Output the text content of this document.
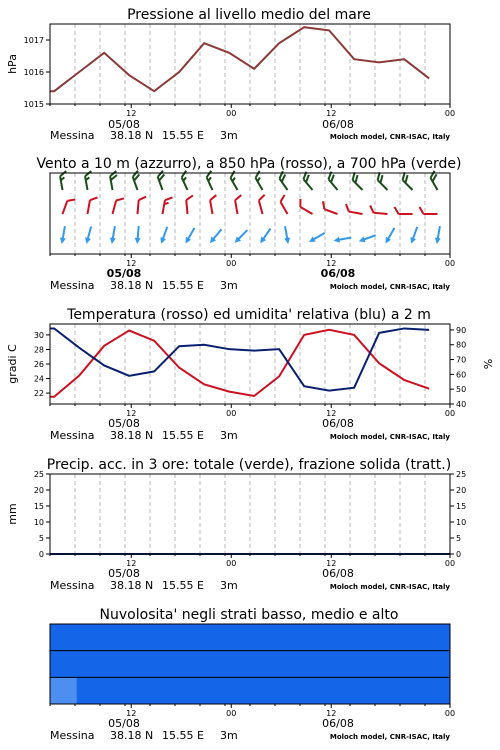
Pressione al livello medio del mare
Vento a 10 m (azzurro), a 850 hPa (rosso), a 700 hPa (verde)
Temperatura (rosso) ed umidita' relativa (blu) a 2 m
Precip. acc. in 3 ore: totale (verde), frazione solida (tratt.)
Nuvolosita' negli strati basso, medio e alto
hPa
gradi C	%
mm
05/08	06/08
05/08	06/08
05/08	06/08
05/08	06/08
05/08	06/08
Messina 38.18 N 15.55 E 3m	Moloch model, CNR-ISAC, Italy
Messina 38.18 N 15.55 E 3m	Moloch model, CNR-ISAC, Italy
Messina 38.18 N 15.55 E 3m	Moloch model, CNR-ISAC, Italy
Messina 38.18 N 15.55 E 3m	Moloch model, CNR-ISAC, Italy
Messina 38.18 N 15.55 E 3m	Moloch model, CNR-ISAC, Italy
12	00	12	00
12	00	12	00
12	00	12	00
12	00	12	00
12	00	12	00
1015
1016
1017
22
24
26
28
30
40
50
60
70
80
90
0	0
5	5
10	10
15	15
20	20
25	25
